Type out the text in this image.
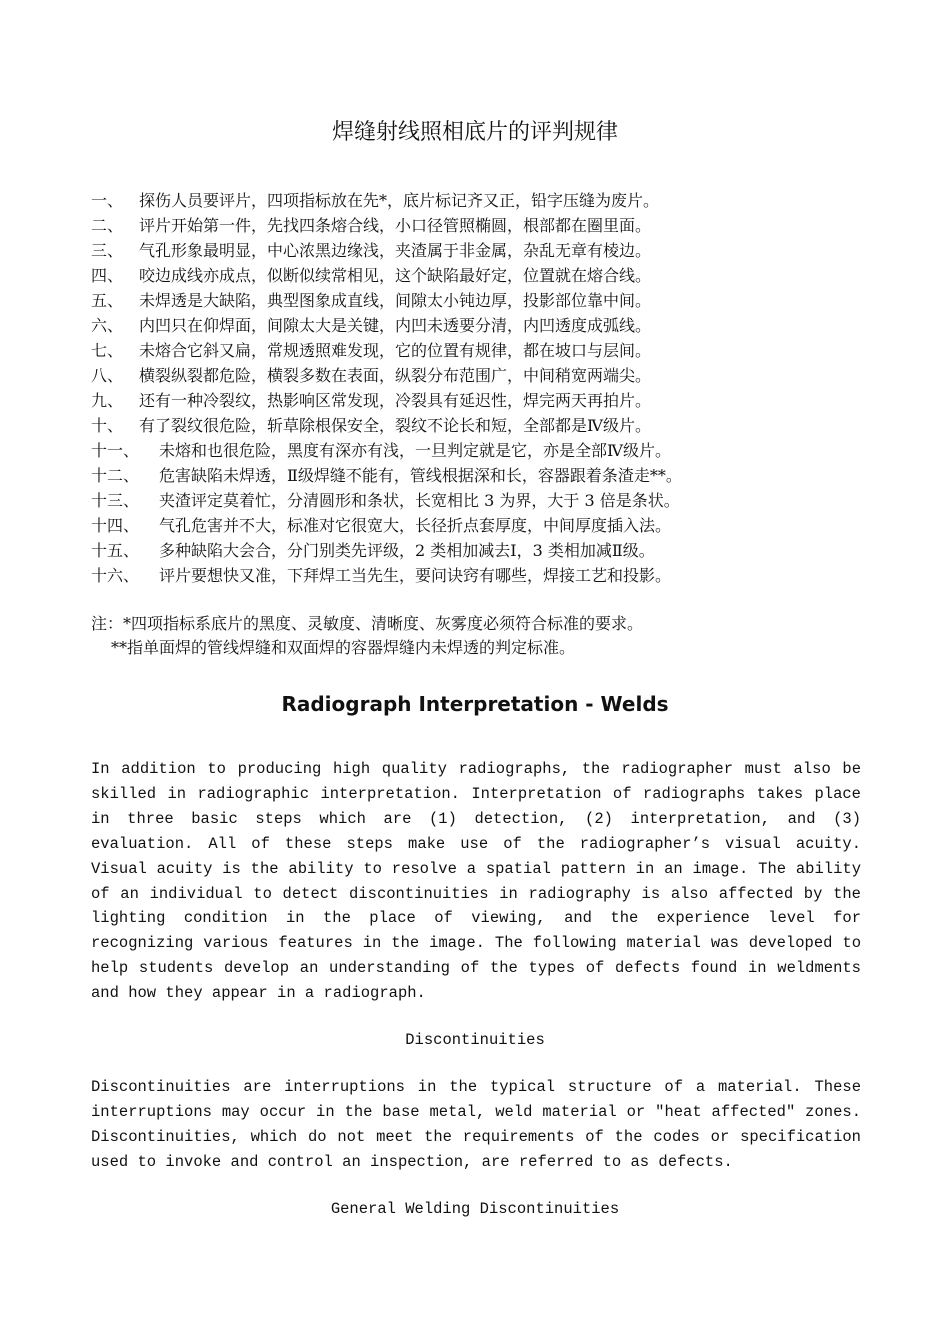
焊缝射线照相底片的评判规律
一、 探伤人员要评片，四项指标放在先*，底片标记齐又正，铅字压缝为废片。
二、 评片开始第一件，先找四条熔合线，小口径管照椭圆，根部都在圈里面。
三、 气孔形象最明显，中心浓黑边缘浅，夹渣属于非金属，杂乱无章有棱边。
四、 咬边成线亦成点，似断似续常相见，这个缺陷最好定，位置就在熔合线。
五、 未焊透是大缺陷，典型图象成直线，间隙太小钝边厚，投影部位靠中间。
六、 内凹只在仰焊面，间隙太大是关键，内凹未透要分清，内凹透度成弧线。
七、 未熔合它斜又扁，常规透照难发现，它的位置有规律，都在坡口与层间。
八、 横裂纵裂都危险，横裂多数在表面，纵裂分布范围广，中间稍宽两端尖。
九、 还有一种冷裂纹，热影响区常发现，冷裂具有延迟性，焊完两天再拍片。
十、 有了裂纹很危险，斩草除根保安全，裂纹不论长和短，全部都是Ⅳ级片。
十一、	未熔和也很危险，黑度有深亦有浅，一旦判定就是它，亦是全部Ⅳ级片。
十二、	危害缺陷未焊透，Ⅱ级焊缝不能有，管线根据深和长，容器跟着条渣走**。
十三、	夹渣评定莫着忙，分清圆形和条状，长宽相比 3 为界，大于 3 倍是条状。
十四、	气孔危害并不大，标准对它很宽大，长径折点套厚度，中间厚度插入法。
十五、	多种缺陷大会合，分门别类先评级，2 类相加减去Ⅰ，3 类相加减Ⅱ级。
十六、	评片要想快又准，下拜焊工当先生，要问诀窍有哪些，焊接工艺和投影。
注：*四项指标系底片的黑度、灵敏度、清晰度、灰雾度必须符合标准的要求。
**指单面焊的管线焊缝和双面焊的容器焊缝内未焊透的判定标准。
Radiograph Interpretation - Welds

In addition to producing high quality radiographs, the radiographer must also be skilled in radiographic interpretation. Interpretation of radiographs takes place in three basic steps which are (1) detection, (2) interpretation, and (3) evaluation. All of these steps make use of the radiographer’s visual acuity. Visual acuity is the ability to resolve a spatial pattern in an image. The ability of an individual to detect discontinuities in radiography is also affected by the lighting condition in the place of viewing, and the experience level for recognizing various features in the image. The following material was developed to help students develop an understanding of the types of defects found in weldments and how they appear in a radiograph.

Discontinuities

Discontinuities are interruptions in the typical structure of a material. These interruptions may occur in the base metal, weld material or "heat affected" zones. Discontinuities, which do not meet the requirements of the codes or specification used to invoke and control an inspection, are referred to as defects.

General Welding Discontinuities
